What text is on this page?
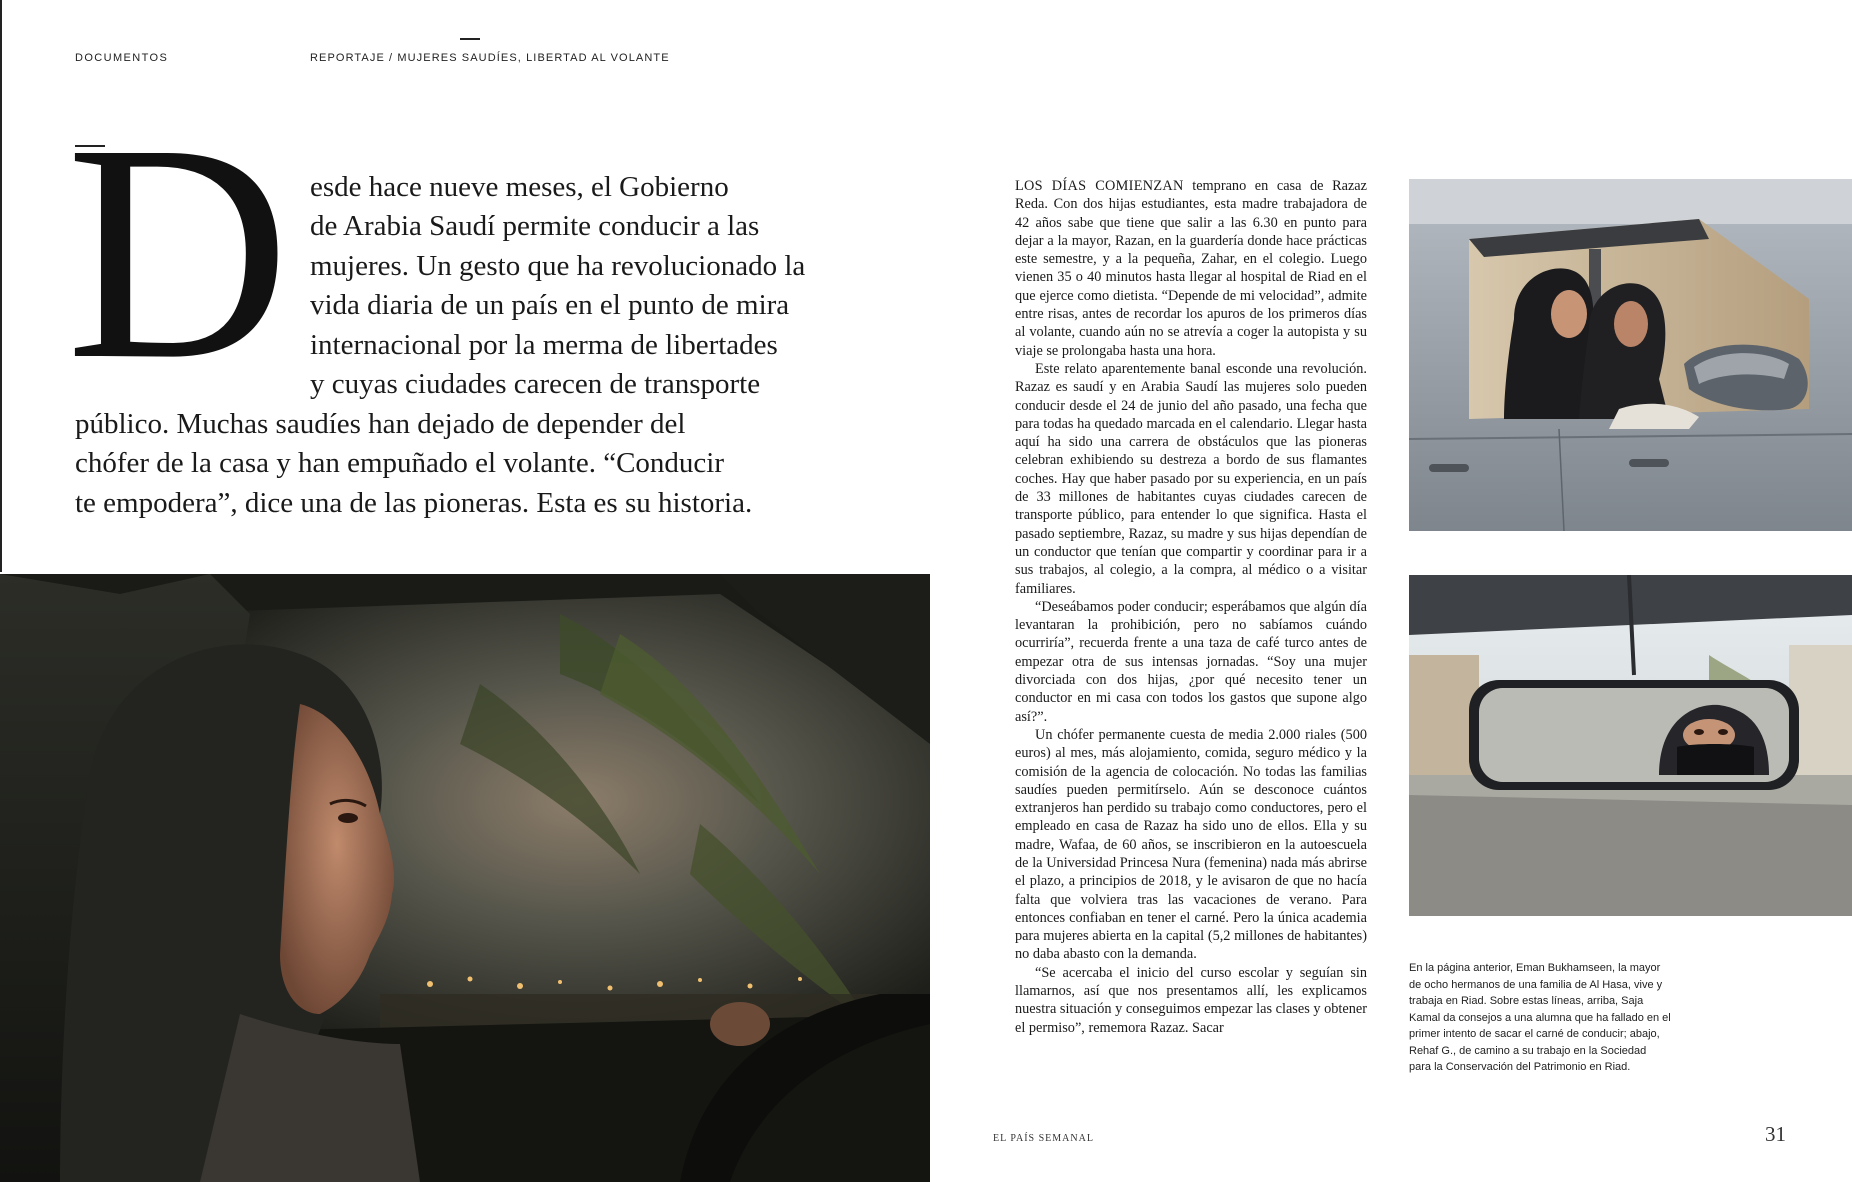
DOCUMENTOS	REPORTAJE / MUJERES SAUDÍES, LIBERTAD AL VOLANTE
D esde hace nueve meses, el Gobierno
de Arabia Saudí permite conducir a las
mujeres. Un gesto que ha revolucionado la
vida diaria de un país en el punto de mira
internacional por la merma de libertades
y cuyas ciudades carecen de transporte
público. Muchas saudíes han dejado de depender del
chófer de la casa y han empuñado el volante. “Conducir
te empodera”, dice una de las pioneras. Esta es su historia.

LOS DÍAS COMIENZAN temprano en casa de Razaz Reda. Con dos hijas estudiantes, esta madre trabajadora de 42 años sabe que tiene que salir a las 6.30 en punto para dejar a la mayor, Razan, en la guardería donde hace prácticas este semestre, y a la pequeña, Zahar, en el colegio. Luego vienen 35 o 40 minutos hasta llegar al hospital de Riad en el que ejerce como dietista. “Depende de mi velocidad”, admite entre risas, antes de recordar los apuros de los primeros días al volante, cuando aún no se atrevía a coger la autopista y su viaje se prolongaba hasta una hora.

Este relato aparentemente banal esconde una revolución. Razaz es saudí y en Arabia Saudí las mujeres solo pueden conducir desde el 24 de junio del año pasado, una fecha que para todas ha quedado marcada en el calendario. Llegar hasta aquí ha sido una carrera de obstáculos que las pioneras celebran exhibiendo su destreza a bordo de sus flamantes coches. Hay que haber pasado por su experiencia, en un país de 33 millones de habitantes cuyas ciudades carecen de transporte público, para entender lo que significa. Hasta el pasado septiembre, Razaz, su madre y sus hijas dependían de un conductor que tenían que compartir y coordinar para ir a sus trabajos, al colegio, a la compra, al médico o a visitar familiares.

“Deseábamos poder conducir; esperábamos que algún día levantaran la prohibición, pero no sabíamos cuándo ocurriría”, recuerda frente a una taza de café turco antes de empezar otra de sus intensas jornadas. “Soy una mujer divorciada con dos hijas, ¿por qué necesito tener un conductor en mi casa con todos los gastos que supone algo así?”.

Un chófer permanente cuesta de media 2.000 riales (500 euros) al mes, más alojamiento, comida, seguro médico y la comisión de la agencia de colocación. No todas las familias saudíes pueden permitírselo. Aún se desconoce cuántos extranjeros han perdido su trabajo como conductores, pero el empleado en casa de Razaz ha sido uno de ellos. Ella y su madre, Wafaa, de 60 años, se inscribieron en la autoescuela de la Universidad Princesa Nura (femenina) nada más abrirse el plazo, a principios de 2018, y le avisaron de que no hacía falta que volviera tras las vacaciones de verano. Para entonces confiaban en tener el carné. Pero la única academia para mujeres abierta en la capital (5,2 millones de habitantes) no daba abasto con la demanda.

“Se acercaba el inicio del curso escolar y seguían sin llamarnos, así que nos presentamos allí, les explicamos nuestra situación y conseguimos empezar las clases y obtener el permiso”, rememora Razaz. Sacar

En la página anterior, Eman Bukhamseen, la mayor de ocho hermanos de una familia de Al Hasa, vive y trabaja en Riad. Sobre estas líneas, arriba, Saja Kamal da consejos a una alumna que ha fallado en el primer intento de sacar el carné de conducir; abajo, Rehaf G., de camino a su trabajo en la Sociedad para la Conservación del Patrimonio en Riad.

EL PAÍS SEMANAL	31
